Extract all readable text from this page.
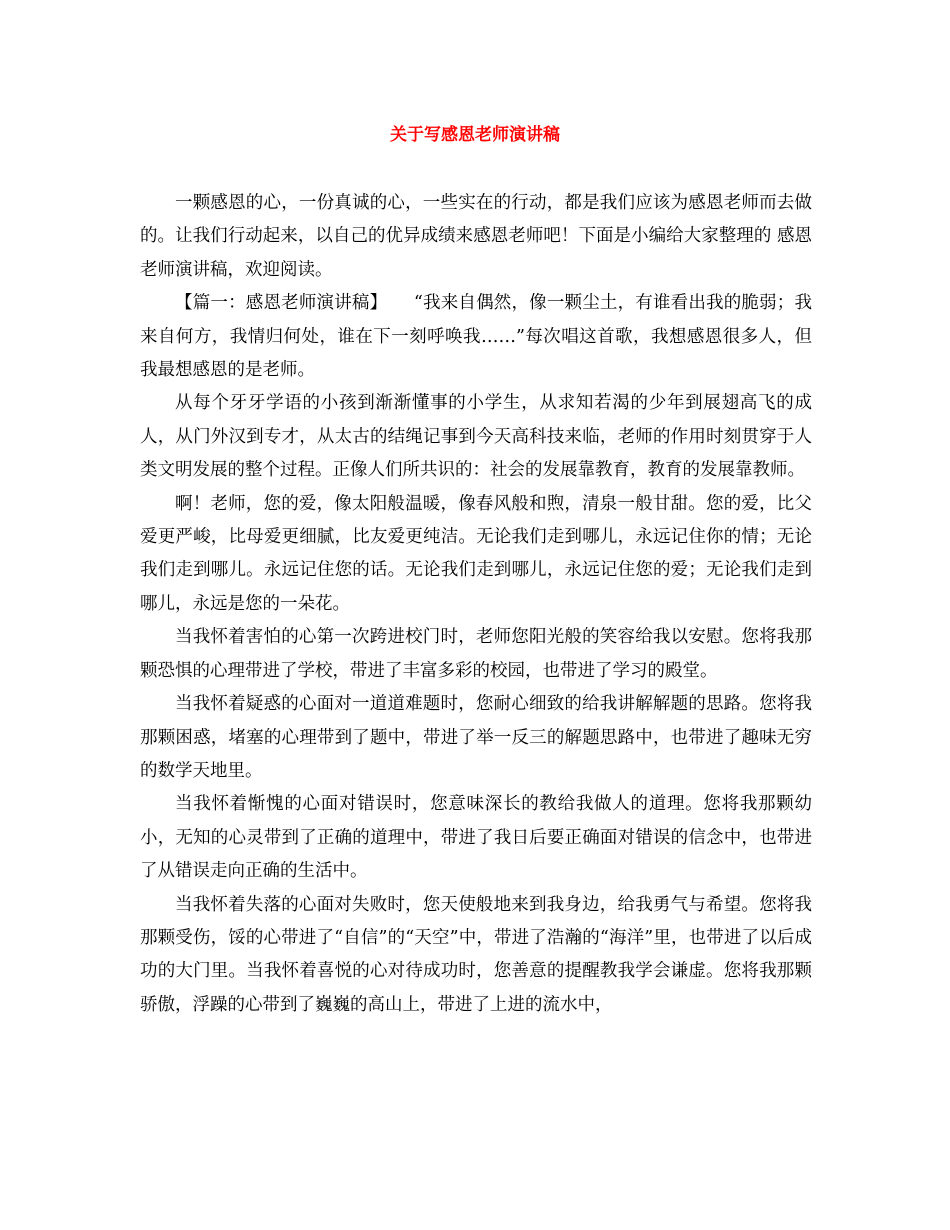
关于写感恩老师演讲稿

一颗感恩的心，一份真诚的心，一些实在的行动，都是我们应该为感恩老师而去做的。让我们行动起来，以自己的优异成绩来感恩老师吧！下面是小编给大家整理的 感恩老师演讲稿，欢迎阅读。

【篇一：感恩老师演讲稿】　　“我来自偶然，像一颗尘土，有谁看出我的脆弱；我来自何方，我情归何处，谁在下一刻呼唤我……”每次唱这首歌，我想感恩很多人，但我最想感恩的是老师。

从每个牙牙学语的小孩到渐渐懂事的小学生，从求知若渴的少年到展翅高飞的成人，从门外汉到专才，从太古的结绳记事到今天高科技来临，老师的作用时刻贯穿于人类文明发展的整个过程。正像人们所共识的：社会的发展靠教育，教育的发展靠教师。

啊！老师，您的爱，像太阳般温暖，像春风般和煦，清泉一般甘甜。您的爱，比父爱更严峻，比母爱更细腻，比友爱更纯洁。无论我们走到哪儿，永远记住你的情；无论我们走到哪儿。永远记住您的话。无论我们走到哪儿，永远记住您的爱；无论我们走到哪儿，永远是您的一朵花。

当我怀着害怕的心第一次跨进校门时，老师您阳光般的笑容给我以安慰。您将我那颗恐惧的心理带进了学校，带进了丰富多彩的校园，也带进了学习的殿堂。

当我怀着疑惑的心面对一道道难题时，您耐心细致的给我讲解解题的思路。您将我那颗困惑，堵塞的心理带到了题中，带进了举一反三的解题思路中，也带进了趣味无穷的数学天地里。

当我怀着惭愧的心面对错误时，您意味深长的教给我做人的道理。您将我那颗幼小，无知的心灵带到了正确的道理中，带进了我日后要正确面对错误的信念中，也带进了从错误走向正确的生活中。

当我怀着失落的心面对失败时，您天使般地来到我身边，给我勇气与希望。您将我那颗受伤，馁的心带进了“自信”的“天空”中，带进了浩瀚的“海洋”里，也带进了以后成功的大门里。当我怀着喜悦的心对待成功时，您善意的提醒教我学会谦虚。您将我那颗骄傲，浮躁的心带到了巍巍的高山上，带进了上进的流水中，
